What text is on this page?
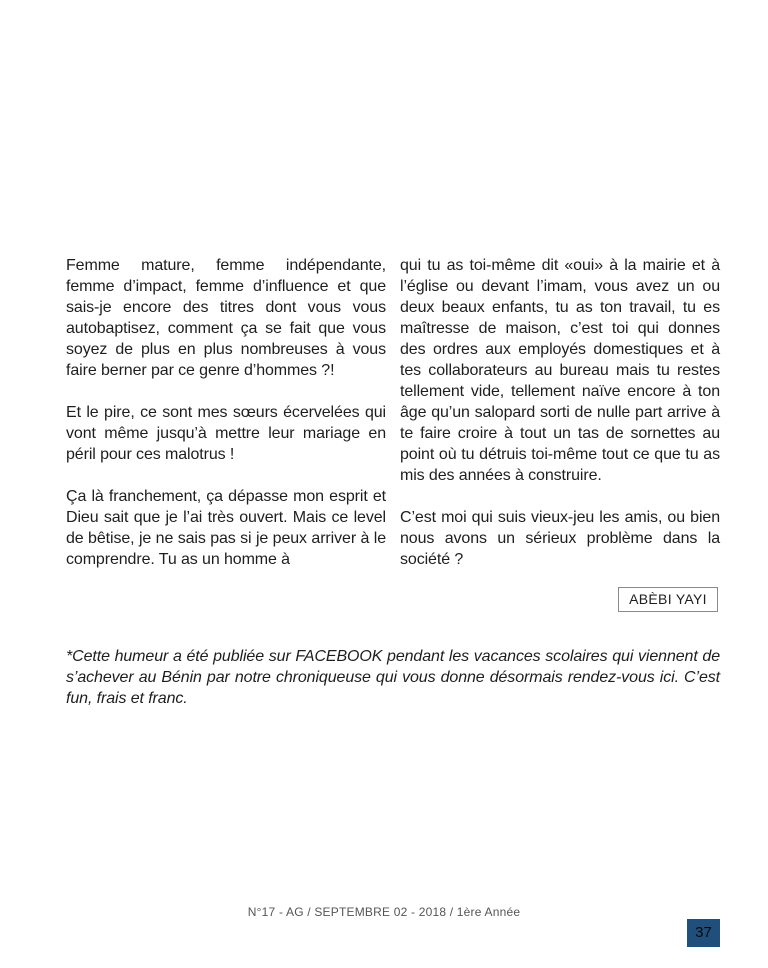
Femme mature, femme indépendante, femme d’impact, femme d’influence et que sais-je encore des titres dont vous vous autobaptisez, comment ça se fait que vous soyez de plus en plus nombreuses à vous faire berner par ce genre d’hommes ?!

Et le pire, ce sont mes sœurs écervelées qui vont même jusqu’à mettre leur mariage en péril pour ces malotrus !

Ça là franchement, ça dépasse mon esprit et Dieu sait que je l’ai très ouvert. Mais ce level de bêtise, je ne sais pas si je peux arriver à le comprendre. Tu as un homme à

qui tu as toi-même dit «oui» à la mairie et à l’église ou devant l’imam, vous avez un ou deux beaux enfants, tu as ton travail, tu es maîtresse de maison, c’est toi qui donnes des ordres aux employés domestiques et à tes collaborateurs au bureau mais tu restes tellement vide, tellement naïve encore à ton âge qu’un salopard sorti de nulle part arrive à te faire croire à tout un tas de sornettes au point où tu détruis toi-même tout ce que tu as mis des années à construire.

C’est moi qui suis vieux-jeu les amis, ou bien nous avons un sérieux problème dans la société ?

ABÈBI YAYI

*Cette humeur a été publiée sur FACEBOOK pendant les vacances scolaires qui viennent de s’achever au Bénin par notre chroniqueuse qui vous donne désormais rendez-vous ici. C’est fun, frais et franc.

N°17 - AG / SEPTEMBRE 02 - 2018 / 1ère Année
37
